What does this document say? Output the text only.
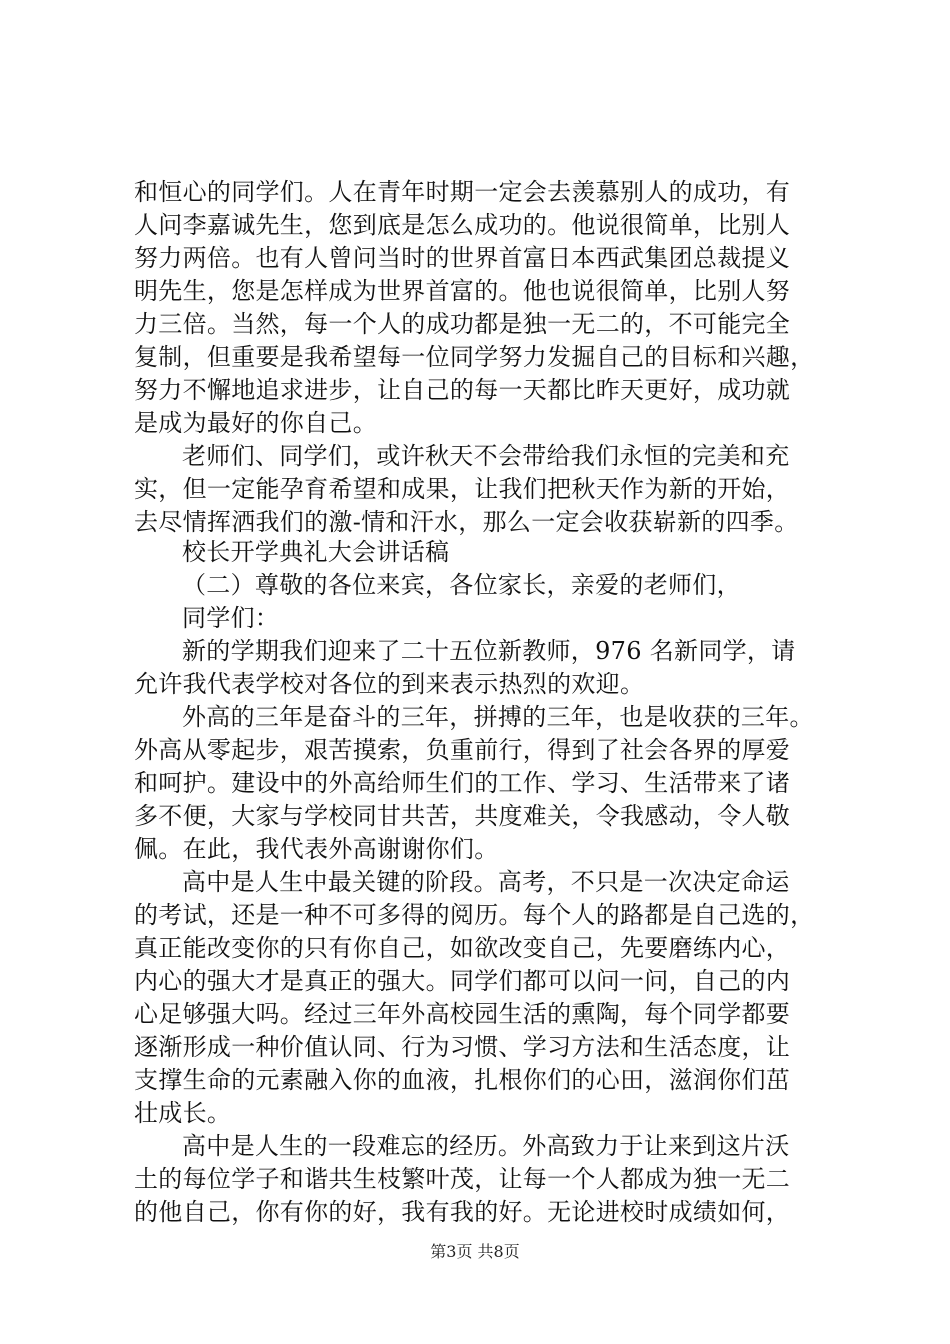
和恒心的同学们。人在青年时期一定会去羡慕别人的成功，有
人问李嘉诚先生，您到底是怎么成功的。他说很简单，比别人
努力两倍。也有人曾问当时的世界首富日本西武集团总裁提义
明先生，您是怎样成为世界首富的。他也说很简单，比别人努
力三倍。当然，每一个人的成功都是独一无二的，不可能完全
复制，但重要是我希望每一位同学努力发掘自己的目标和兴趣，
努力不懈地追求进步，让自己的每一天都比昨天更好，成功就
是成为最好的你自己。
老师们、同学们，或许秋天不会带给我们永恒的完美和充
实，但一定能孕育希望和成果，让我们把秋天作为新的开始，
去尽情挥洒我们的激-情和汗水，那么一定会收获崭新的四季。
校长开学典礼大会讲话稿
（二）尊敬的各位来宾，各位家长，亲爱的老师们，
同学们：
新的学期我们迎来了二十五位新教师，976 名新同学，请
允许我代表学校对各位的到来表示热烈的欢迎。
外高的三年是奋斗的三年，拼搏的三年，也是收获的三年。
外高从零起步，艰苦摸索，负重前行，得到了社会各界的厚爱
和呵护。建设中的外高给师生们的工作、学习、生活带来了诸
多不便，大家与学校同甘共苦，共度难关，令我感动，令人敬
佩。在此，我代表外高谢谢你们。
高中是人生中最关键的阶段。高考，不只是一次决定命运
的考试，还是一种不可多得的阅历。每个人的路都是自己选的，
真正能改变你的只有你自己，如欲改变自己，先要磨练内心，
内心的强大才是真正的强大。同学们都可以问一问，自己的内
心足够强大吗。经过三年外高校园生活的熏陶，每个同学都要
逐渐形成一种价值认同、行为习惯、学习方法和生活态度，让
支撑生命的元素融入你的血液，扎根你们的心田，滋润你们茁
壮成长。
高中是人生的一段难忘的经历。外高致力于让来到这片沃
土的每位学子和谐共生枝繁叶茂，让每一个人都成为独一无二
的他自己，你有你的好，我有我的好。无论进校时成绩如何，
第3页 共8页
